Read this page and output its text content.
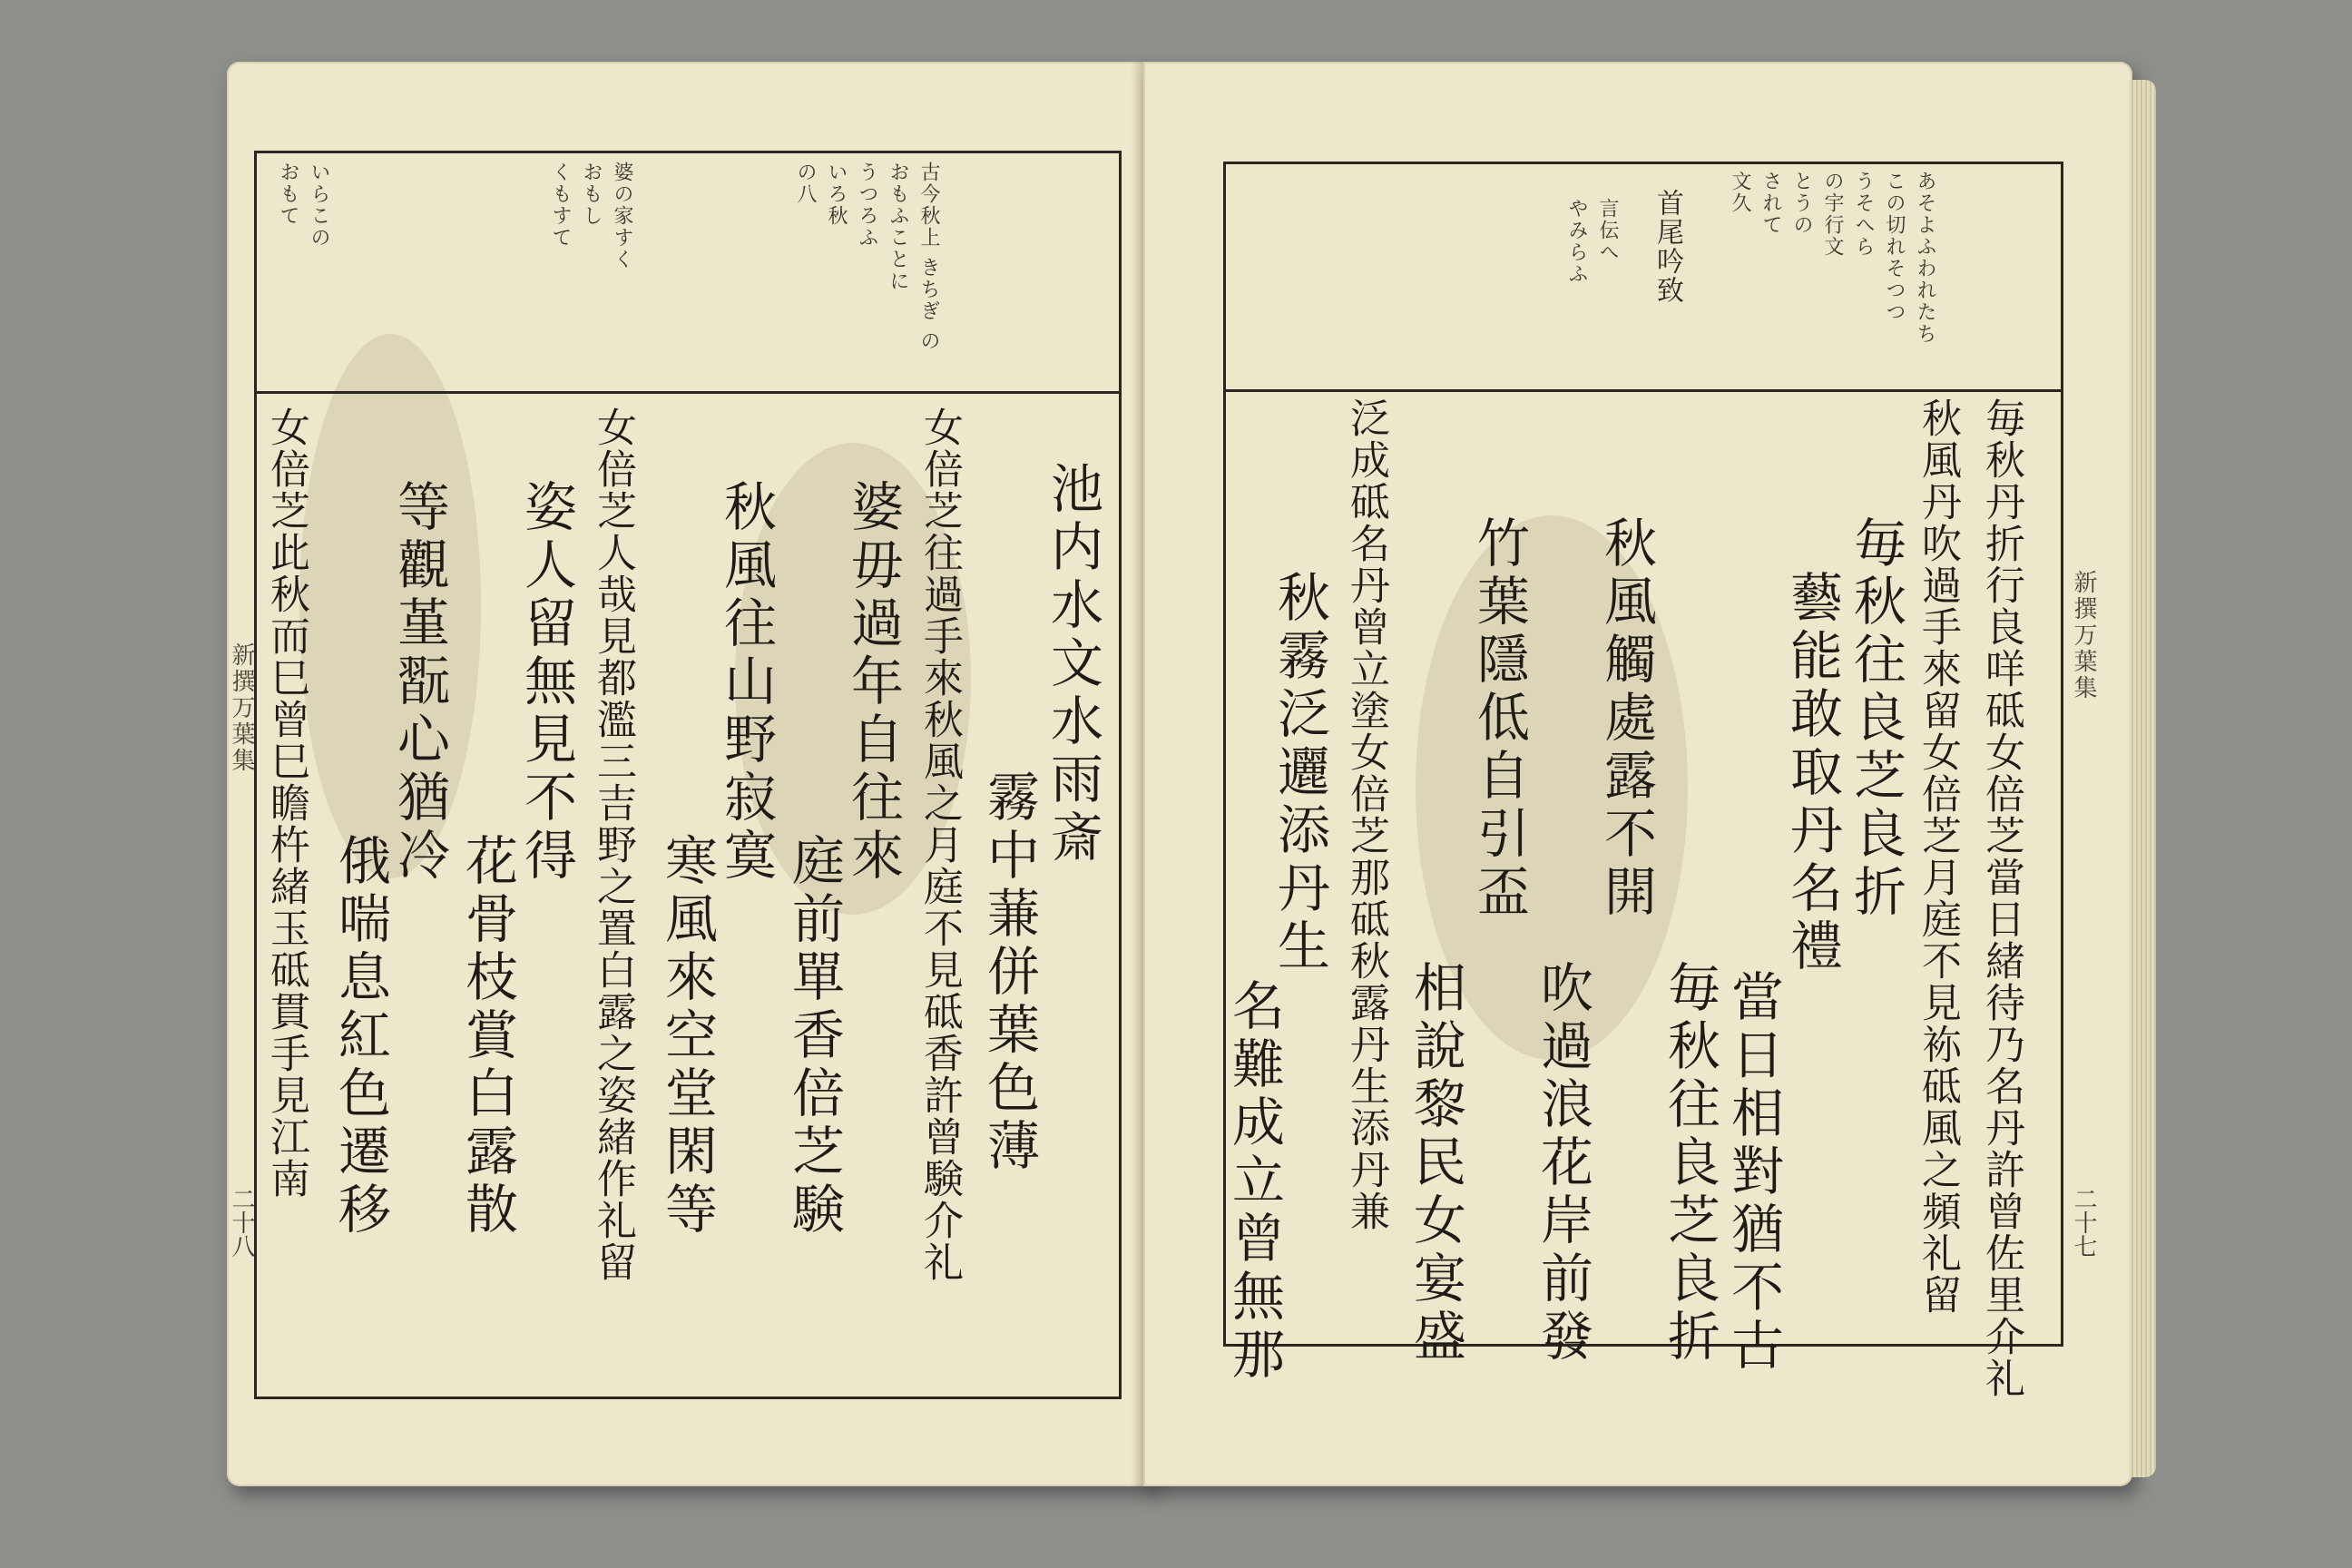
新撰万葉集
二十八
古今秋上 きちぎ の
おもふことに
うつろふ
いろ秋
の八
婆の家すく
おもし
くもすて
いらこの
おもて
池内水文水雨斎
霧中蒹併葉色薄
女倍芝往過手來秋風之月庭不見砥香許曾験介礼
婆毋過年自往來
庭前單香倍芝験
秋風往山野寂寞
寒風來空堂閑等
女倍芝人哉見都濫三吉野之置白露之姿緒作礼留
姿人留無見不得
花骨枝賞白露散
等觀堇翫心猶冷
俄喘息紅色遷移
女倍芝此秋而巳曾巳瞻杵緒玉砥貫手見江南	新撰万葉集
二十七
あそよふわれたち
この切れそつつ
うそへら
の宇行文
とうの
されて
文久
首尾吟致
言伝へ
やみらふ
毎秋丹折行良咩砥女倍芝當日緒待乃名丹許曾佐里介礼
秋風丹吹過手來留女倍芝月庭不見袮砥風之頻礼留
毎秋往良芝良折
藝能敢取丹名禮
當日相對猶不古
毎秋往良芝良折
秋風觸處露不開
吹過浪花岸前發
竹葉隱低自引盃
相說黎民女宴盛
泛成砥名丹曾立塗女倍芝那砥秋露丹生添丹兼
秋霧泛邐添丹生
名難成立曾無那
